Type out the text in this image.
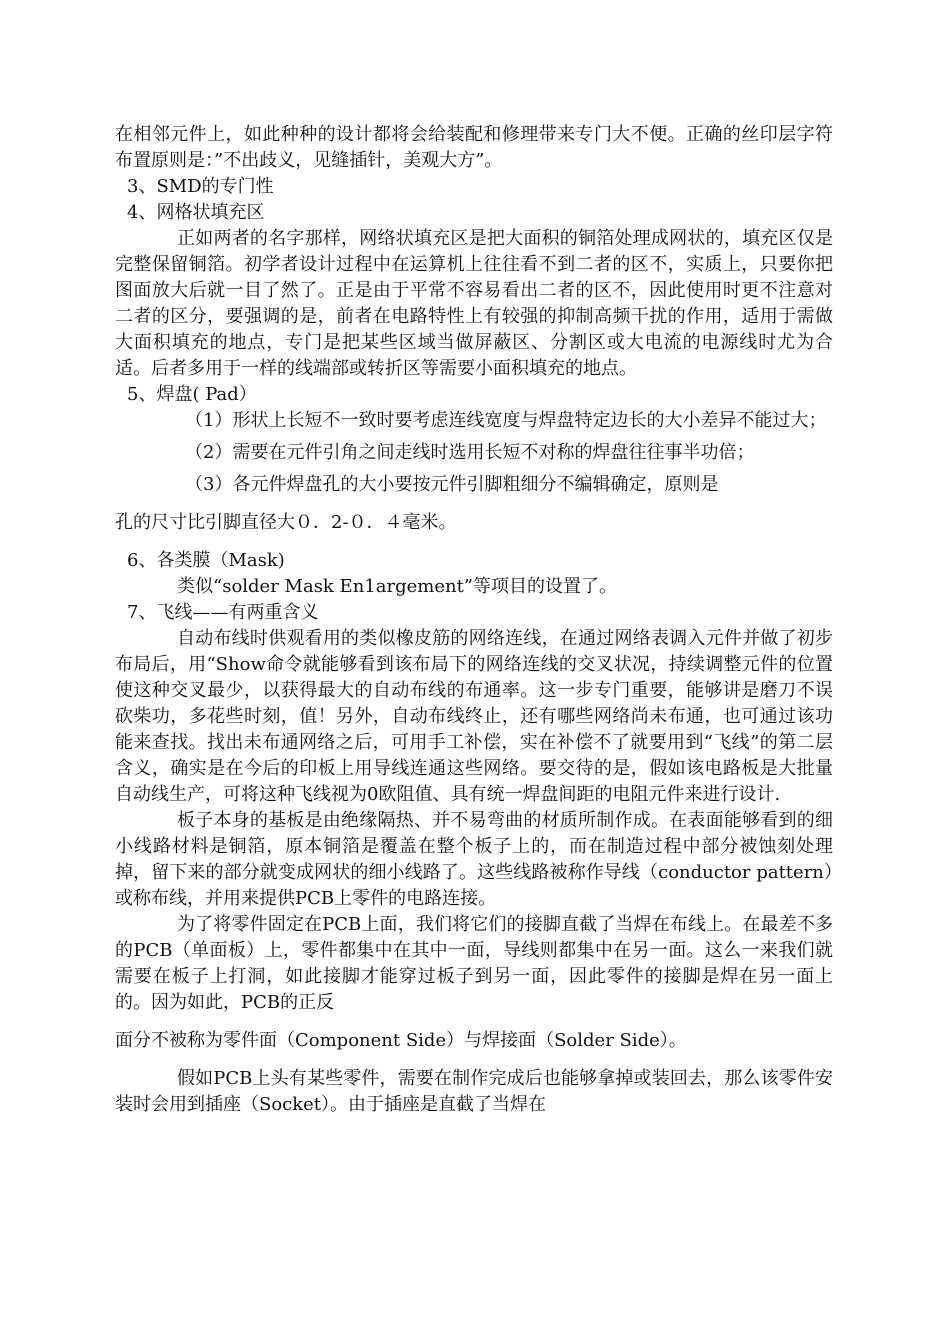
在相邻元件上，如此种种的设计都将会给装配和修理带来专门大不便。正确的丝印层字符布置原则是：”不出歧义，见缝插针，美观大方”。

3、SMD的专门性

4、网格状填充区

正如两者的名字那样，网络状填充区是把大面积的铜箔处理成网状的，填充区仅是完整保留铜箔。初学者设计过程中在运算机上往往看不到二者的区不，实质上，只要你把图面放大后就一目了然了。正是由于平常不容易看出二者的区不，因此使用时更不注意对二者的区分，要强调的是，前者在电路特性上有较强的抑制高频干扰的作用，适用于需做大面积填充的地点，专门是把某些区域当做屏蔽区、分割区或大电流的电源线时尤为合适。后者多用于一样的线端部或转折区等需要小面积填充的地点。

5、焊盘( Pad）

（1）形状上长短不一致时要考虑连线宽度与焊盘特定边长的大小差异不能过大；

（2）需要在元件引角之间走线时选用长短不对称的焊盘往往事半功倍；

（3）各元件焊盘孔的大小要按元件引脚粗细分不编辑确定，原则是

孔的尺寸比引脚直径大０．2-０．４毫米。

6、各类膜（Mask)

类似“solder Mask En1argement”等项目的设置了。

7、飞线——有两重含义

自动布线时供观看用的类似橡皮筋的网络连线，在通过网络表调入元件并做了初步布局后，用“Show命令就能够看到该布局下的网络连线的交叉状况，持续调整元件的位置使这种交叉最少，以获得最大的自动布线的布通率。这一步专门重要，能够讲是磨刀不误砍柴功，多花些时刻，值！另外，自动布线终止，还有哪些网络尚未布通，也可通过该功能来查找。找出未布通网络之后，可用手工补偿，实在补偿不了就要用到“飞线”的第二层含义，确实是在今后的印板上用导线连通这些网络。要交待的是，假如该电路板是大批量自动线生产，可将这种飞线视为0欧阻值、具有统一焊盘间距的电阻元件来进行设计.

板子本身的基板是由绝缘隔热、并不易弯曲的材质所制作成。在表面能够看到的细小线路材料是铜箔，原本铜箔是覆盖在整个板子上的，而在制造过程中部分被蚀刻处理掉，留下来的部分就变成网状的细小线路了。这些线路被称作导线（conductor pattern）或称布线，并用来提供PCB上零件的电路连接。

为了将零件固定在PCB上面，我们将它们的接脚直截了当焊在布线上。在最差不多的PCB（单面板）上，零件都集中在其中一面，导线则都集中在另一面。这么一来我们就需要在板子上打洞，如此接脚才能穿过板子到另一面，因此零件的接脚是焊在另一面上的。因为如此，PCB的正反

面分不被称为零件面（Component Side）与焊接面（Solder Side）。

假如PCB上头有某些零件，需要在制作完成后也能够拿掉或装回去，那么该零件安装时会用到插座（Socket）。由于插座是直截了当焊在
